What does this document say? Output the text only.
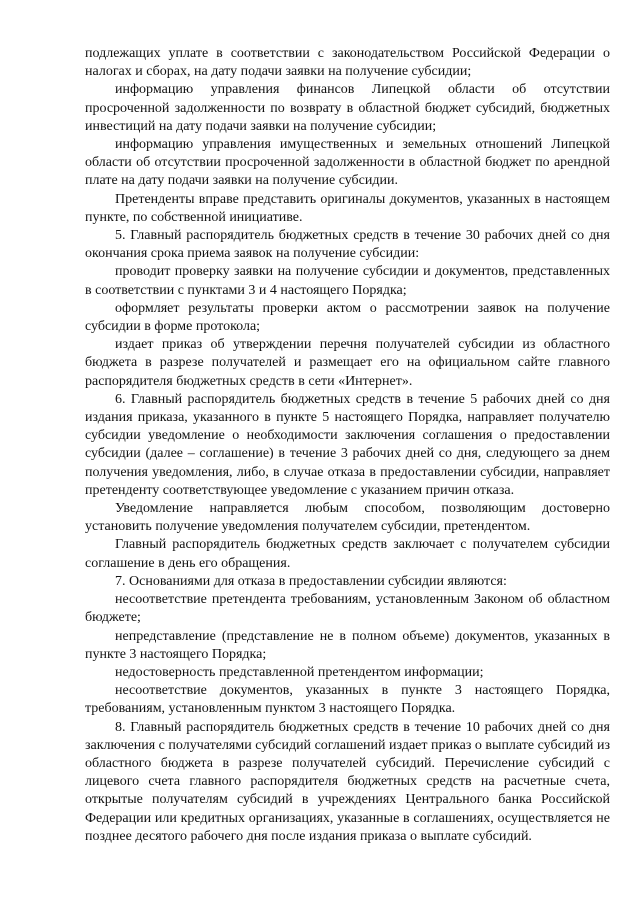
подлежащих уплате в соответствии с законодательством Российской Федерации о налогах и сборах, на дату подачи заявки на получение субсидии;

информацию управления финансов Липецкой области об отсутствии просроченной задолженности по возврату в областной бюджет субсидий, бюджетных инвестиций на дату подачи заявки на получение субсидии;

информацию управления имущественных и земельных отношений Липецкой области об отсутствии просроченной задолженности в областной бюджет по арендной плате на дату подачи заявки на получение субсидии.

Претенденты вправе представить оригиналы документов, указанных в настоящем пункте, по собственной инициативе.

5. Главный распорядитель бюджетных средств в течение 30 рабочих дней со дня окончания срока приема заявок на получение субсидии:

проводит проверку заявки на получение субсидии и документов, представленных в соответствии с пунктами 3 и 4 настоящего Порядка;

оформляет результаты проверки актом о рассмотрении заявок на получение субсидии в форме протокола;

издает приказ об утверждении перечня получателей субсидии из областного бюджета в разрезе получателей и размещает его на официальном сайте главного распорядителя бюджетных средств в сети «Интернет».

6. Главный распорядитель бюджетных средств в течение 5 рабочих дней со дня издания приказа, указанного в пункте 5 настоящего Порядка, направляет получателю субсидии уведомление о необходимости заключения соглашения о предоставлении субсидии (далее – соглашение) в течение 3 рабочих дней со дня, следующего за днем получения уведомления, либо, в случае отказа в предоставлении субсидии, направляет претенденту соответствующее уведомление с указанием причин отказа.

Уведомление направляется любым способом, позволяющим достоверно установить получение уведомления получателем субсидии, претендентом.

Главный распорядитель бюджетных средств заключает с получателем субсидии соглашение в день его обращения.

7. Основаниями для отказа в предоставлении субсидии являются:

несоответствие претендента требованиям, установленным Законом об областном бюджете;

непредставление (представление не в полном объеме) документов, указанных в пункте 3 настоящего Порядка;

недостоверность представленной претендентом информации;

несоответствие документов, указанных в пункте 3 настоящего Порядка, требованиям, установленным пунктом 3 настоящего Порядка.

8. Главный распорядитель бюджетных средств в течение 10 рабочих дней со дня заключения с получателями субсидий соглашений издает приказ о выплате субсидий из областного бюджета в разрезе получателей субсидий. Перечисление субсидий с лицевого счета главного распорядителя бюджетных средств на расчетные счета, открытые получателям субсидий в учреждениях Центрального банка Российской Федерации или кредитных организациях, указанные в соглашениях, осуществляется не позднее десятого рабочего дня после издания приказа о выплате субсидий.
